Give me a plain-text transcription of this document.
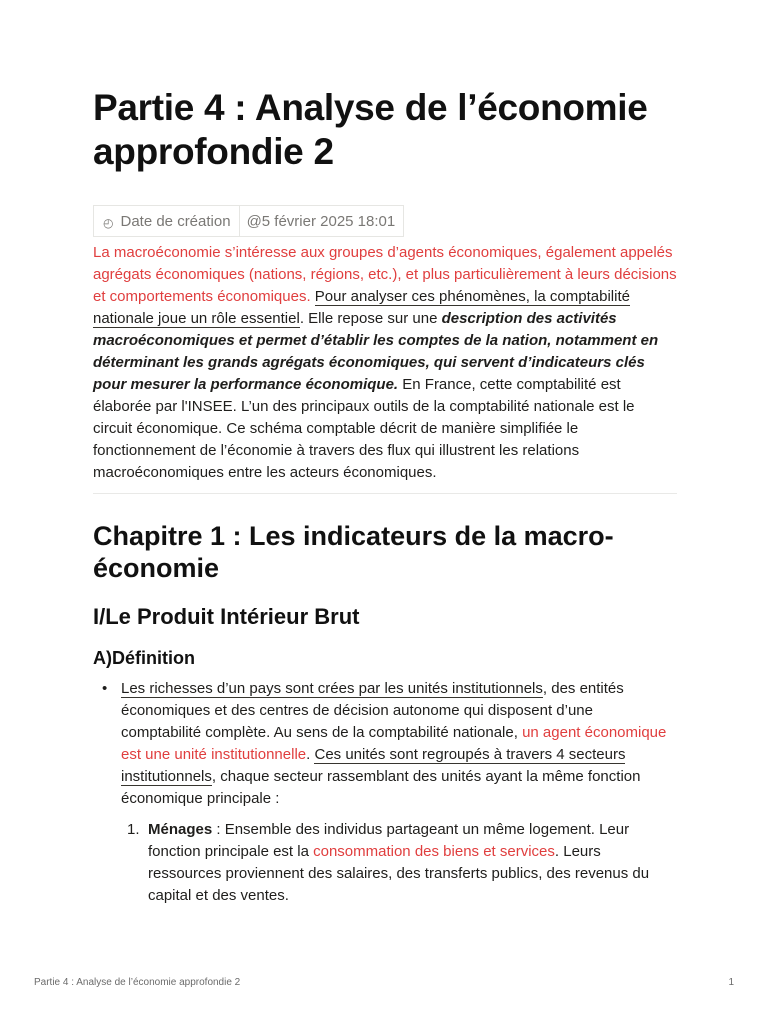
Partie 4 : Analyse de l’économie approfondie 2
◴ Date de création	@5 février 2025 18:01

La macroéconomie s’intéresse aux groupes d’agents économiques, également appelés agrégats économiques (nations, régions, etc.), et plus particulièrement à leurs décisions et comportements économiques. Pour analyser ces phénomènes, la comptabilité nationale joue un rôle essentiel. Elle repose sur une description des activités macroéconomiques et permet d’établir les comptes de la nation, notamment en déterminant les grands agrégats économiques, qui servent d’indicateurs clés pour mesurer la performance économique. En France, cette comptabilité est élaborée par l'INSEE. L’un des principaux outils de la comptabilité nationale est le circuit économique. Ce schéma comptable décrit de manière simplifiée le fonctionnement de l’économie à travers des flux qui illustrent les relations macroéconomiques entre les acteurs économiques.

Chapitre 1 : Les indicateurs de la macro-économie
I/Le Produit Intérieur Brut
A)Définition
• Les richesses d’un pays sont crées par les unités institutionnels, des entités économiques et des centres de décision autonome qui disposent d’une comptabilité complète. Au sens de la comptabilité nationale, un agent économique est une unité institutionnelle. Ces unités sont regroupés à travers 4 secteurs institutionnels, chaque secteur rassemblant des unités ayant la même fonction économique principale :
1. Ménages : Ensemble des individus partageant un même logement. Leur fonction principale est la consommation des biens et services. Leurs ressources proviennent des salaires, des transferts publics, des revenus du capital et des ventes.
Partie 4 : Analyse de l’économie approfondie 2	1
